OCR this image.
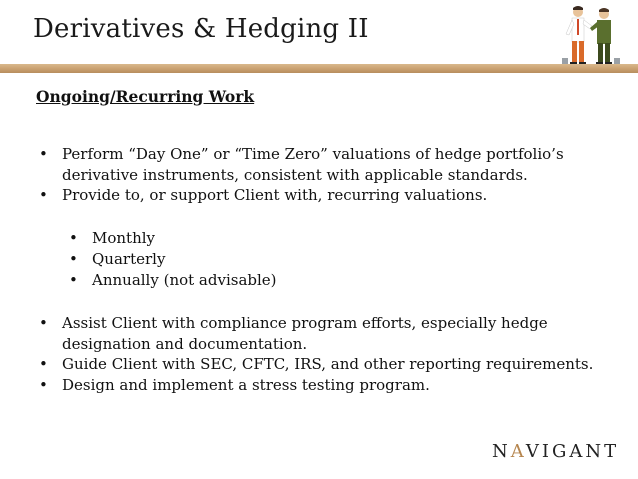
Derivatives & Hedging II
Ongoing/Recurring Work
• Perform “Day One” or “Time Zero” valuations of hedge portfolio’s derivative instruments, consistent with applicable standards.
• Provide to, or support Client with, recurring valuations.
• Monthly
• Quarterly
• Annually (not advisable)
• Assist Client with compliance program efforts, especially hedge designation and documentation.
• Guide Client with SEC, CFTC, IRS, and other reporting requirements.
• Design and implement a stress testing program.
NAVIGANT
